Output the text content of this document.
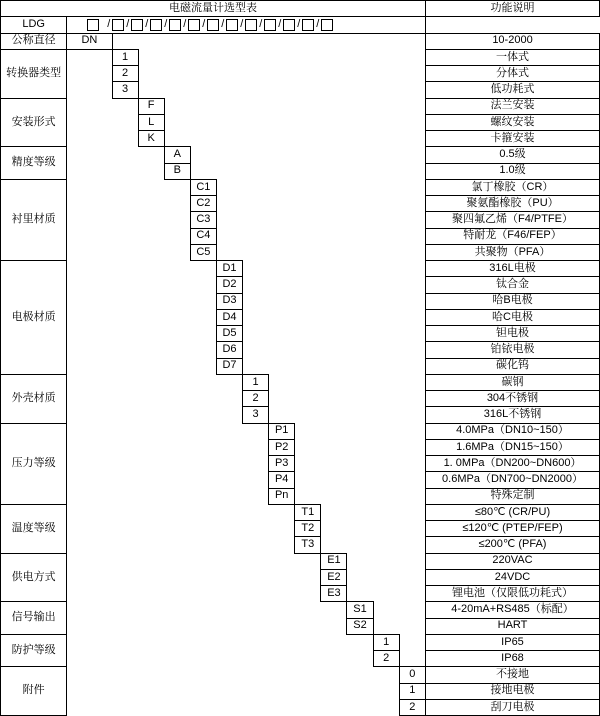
电磁流量计选型表														功能说明
LDG	/ / / / / / / / / / / /

公称直径	DN													10-2000
转换器类型		1												一体式
		2												分体式
		3												低功耗式
安装形式			F											法兰安装
			L											螺纹安装
			K											卡箍安装
精度等级				A										0.5级
				B										1.0级
衬里材质					C1									氯丁橡胶（CR）
					C2									聚氨酯橡胶（PU）
					C3									聚四氟乙烯（F4/PTFE）
					C4									特耐龙（F46/FEP）
					C5									共聚物（PFA）
电极材质						D1								316L电极
						D2								钛合金
						D3								哈B电极
						D4								哈C电极
						D5								钽电极
						D6								铂铱电极
						D7								碳化钨
外壳材质							1							碳钢
							2							304不锈钢
							3							316L不锈钢
压力等级								P1						4.0MPa（DN10~150）
								P2						1.6MPa（DN15~150）
								P3						1. 0MPa（DN200~DN600）
								P4						0.6MPa（DN700~DN2000）
								Pn						特殊定制
温度等级									T1					≤80℃ (CR/PU)
									T2					≤120℃ (PTEP/FEP)
									T3					≤200℃ (PFA)
供电方式										E1				220VAC
										E2				24VDC
										E3				锂电池（仅限低功耗式）
信号输出											S1			4-20mA+RS485（标配）
											S2			HART
防护等级												1		IP65
												2		IP68
附件													0	不接地
													1	接地电极
													2	刮刀电极
